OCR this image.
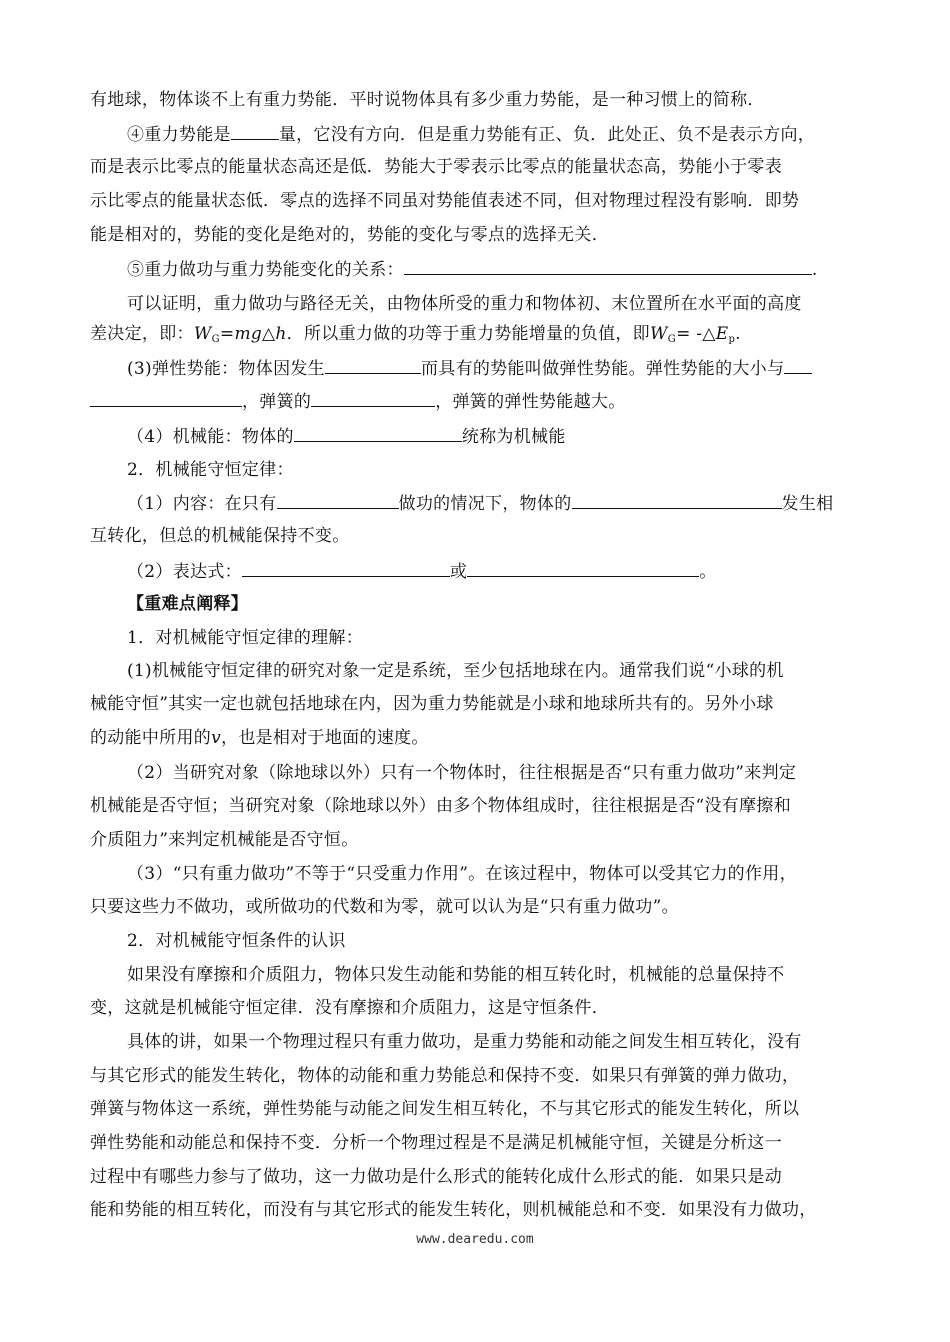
有地球，物体谈不上有重力势能．平时说物体具有多少重力势能，是一种习惯上的简称．
④重力势能是	量，它没有方向．但是重力势能有正、负．此处正、负不是表示方向，
而是表示比零点的能量状态高还是低．势能大于零表示比零点的能量状态高，势能小于零表
示比零点的能量状态低．零点的选择不同虽对势能值表述不同，但对物理过程没有影响．即势
能是相对的，势能的变化是绝对的，势能的变化与零点的选择无关．
⑤重力做功与重力势能变化的关系：	.
可以证明，重力做功与路径无关，由物体所受的重力和物体初、末位置所在水平面的高度
差决定，即：$W_G=mg\triangle h$．所以重力做的功等于重力势能增量的负值，即$W_G=$ $-\triangle E_p$.
(3)弹性势能：物体因发生	而具有的势能叫做弹性势能。弹性势能的大小与
，弹簧的	，弹簧的弹性势能越大。
（4）机械能：物体的	统称为机械能
2．机械能守恒定律：
（1）内容：在只有	做功的情况下，物体的	发生相
互转化，但总的机械能保持不变。
（2）表达式：	或	。
【重难点阐释】
1．对机械能守恒定律的理解：
(1)机械能守恒定律的研究对象一定是系统，至少包括地球在内。通常我们说“小球的机
械能守恒”其实一定也就包括地球在内，因为重力势能就是小球和地球所共有的。另外小球
的动能中所用的v，也是相对于地面的速度。
（2）当研究对象（除地球以外）只有一个物体时，往往根据是否“只有重力做功”来判定
机械能是否守恒；当研究对象（除地球以外）由多个物体组成时，往往根据是否“没有摩擦和
介质阻力”来判定机械能是否守恒。
（3）“只有重力做功”不等于“只受重力作用”。在该过程中，物体可以受其它力的作用，
只要这些力不做功，或所做功的代数和为零，就可以认为是“只有重力做功”。
2．对机械能守恒条件的认识
如果没有摩擦和介质阻力，物体只发生动能和势能的相互转化时，机械能的总量保持不
变，这就是机械能守恒定律．没有摩擦和介质阻力，这是守恒条件．
具体的讲，如果一个物理过程只有重力做功，是重力势能和动能之间发生相互转化，没有
与其它形式的能发生转化，物体的动能和重力势能总和保持不变．如果只有弹簧的弹力做功，
弹簧与物体这一系统，弹性势能与动能之间发生相互转化，不与其它形式的能发生转化，所以
弹性势能和动能总和保持不变．分析一个物理过程是不是满足机械能守恒，关键是分析这一
过程中有哪些力参与了做功，这一力做功是什么形式的能转化成什么形式的能．如果只是动
能和势能的相互转化，而没有与其它形式的能发生转化，则机械能总和不变．如果没有力做功，
www.dearedu.com
